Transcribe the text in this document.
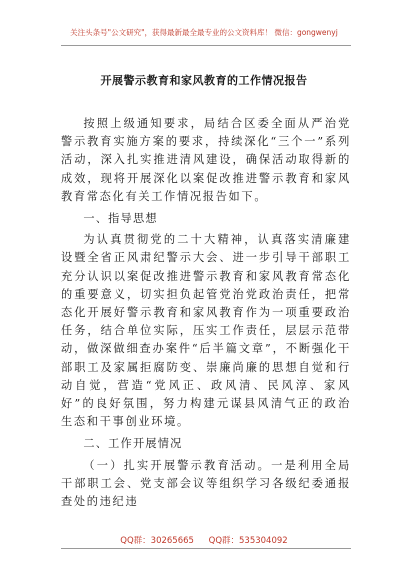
关注头条号"公文研究"，获得最新最全最专业的公文资料库！ 微信：gongwenyj
开展警示教育和家风教育的工作情况报告

按照上级通知要求，局结合区委全面从严治党警示教育实施方案的要求，持续深化“三个一”系列活动，深入扎实推进清风建设，确保活动取得新的成效，现将开展深化以案促改推进警示教育和家风教育常态化有关工作情况报告如下。

一、指导思想

为认真贯彻党的二十大精神，认真落实清廉建设暨全省正风肃纪警示大会、进一步引导干部职工充分认识以案促改推进警示教育和家风教育常态化的重要意义，切实担负起管党治党政治责任，把常态化开展好警示教育和家风教育作为一项重要政治任务，结合单位实际，压实工作责任，层层示范带动，做深做细查办案件“后半篇文章”，不断强化干部职工及家属拒腐防变、崇廉尚廉的思想自觉和行动自觉，营造“党风正、政风清、民风淳、家风好”的良好氛围，努力构建元谋县风清气正的政治生态和干事创业环境。

二、工作开展情况

（一）扎实开展警示教育活动。一是利用全局干部职工会、党支部会议等组织学习各级纪委通报查处的违纪违

QQ群：30265665 QQ群：535304092
